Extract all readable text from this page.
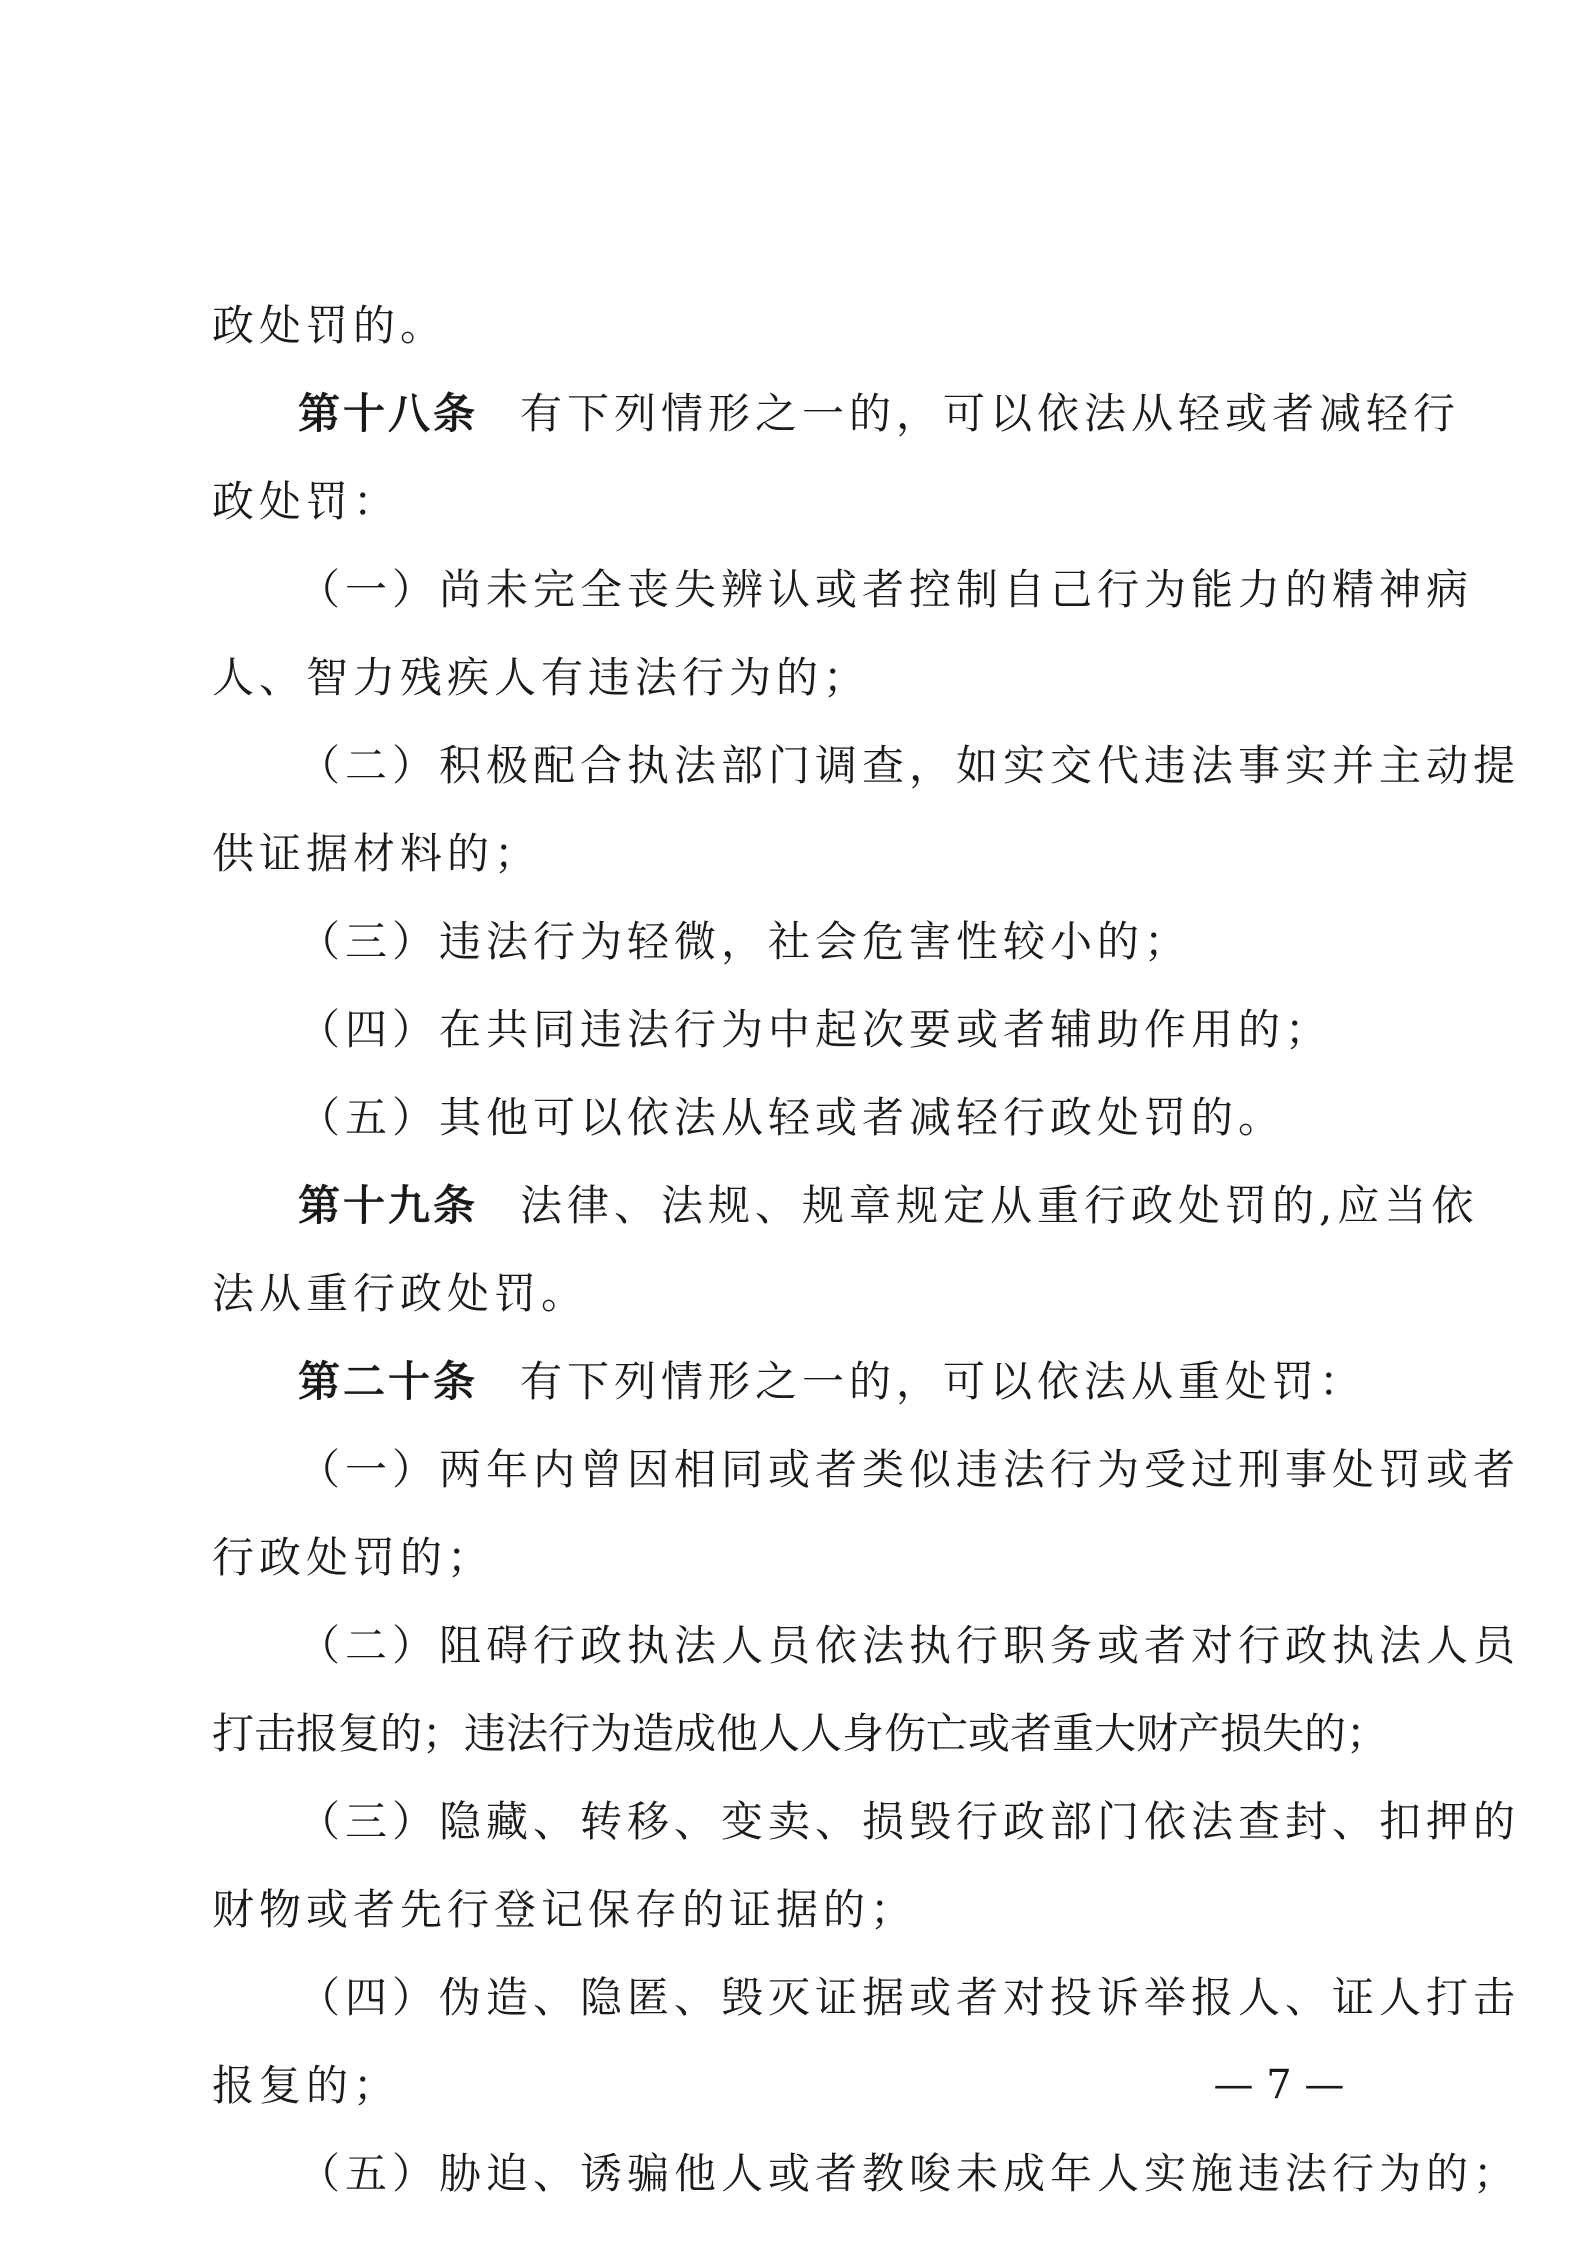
政处罚的。
第十八条 有下列情形之一的，可以依法从轻或者减轻行
政处罚：
（一）尚未完全丧失辨认或者控制自己行为能力的精神病
人、智力残疾人有违法行为的；
（二）积极配合执法部门调查，如实交代违法事实并主动提
供证据材料的；
（三）违法行为轻微，社会危害性较小的；
（四）在共同违法行为中起次要或者辅助作用的；
（五）其他可以依法从轻或者减轻行政处罚的。
第十九条 法律、法规、规章规定从重行政处罚的,应当依
法从重行政处罚。
第二十条 有下列情形之一的，可以依法从重处罚：
（一）两年内曾因相同或者类似违法行为受过刑事处罚或者
行政处罚的；
（二）阻碍行政执法人员依法执行职务或者对行政执法人员
打击报复的；违法行为造成他人人身伤亡或者重大财产损失的；
（三）隐藏、转移、变卖、损毁行政部门依法查封、扣押的
财物或者先行登记保存的证据的；
（四）伪造、隐匿、毁灭证据或者对投诉举报人、证人打击
报复的；
（五）胁迫、诱骗他人或者教唆未成年人实施违法行为的；
— 7 —
